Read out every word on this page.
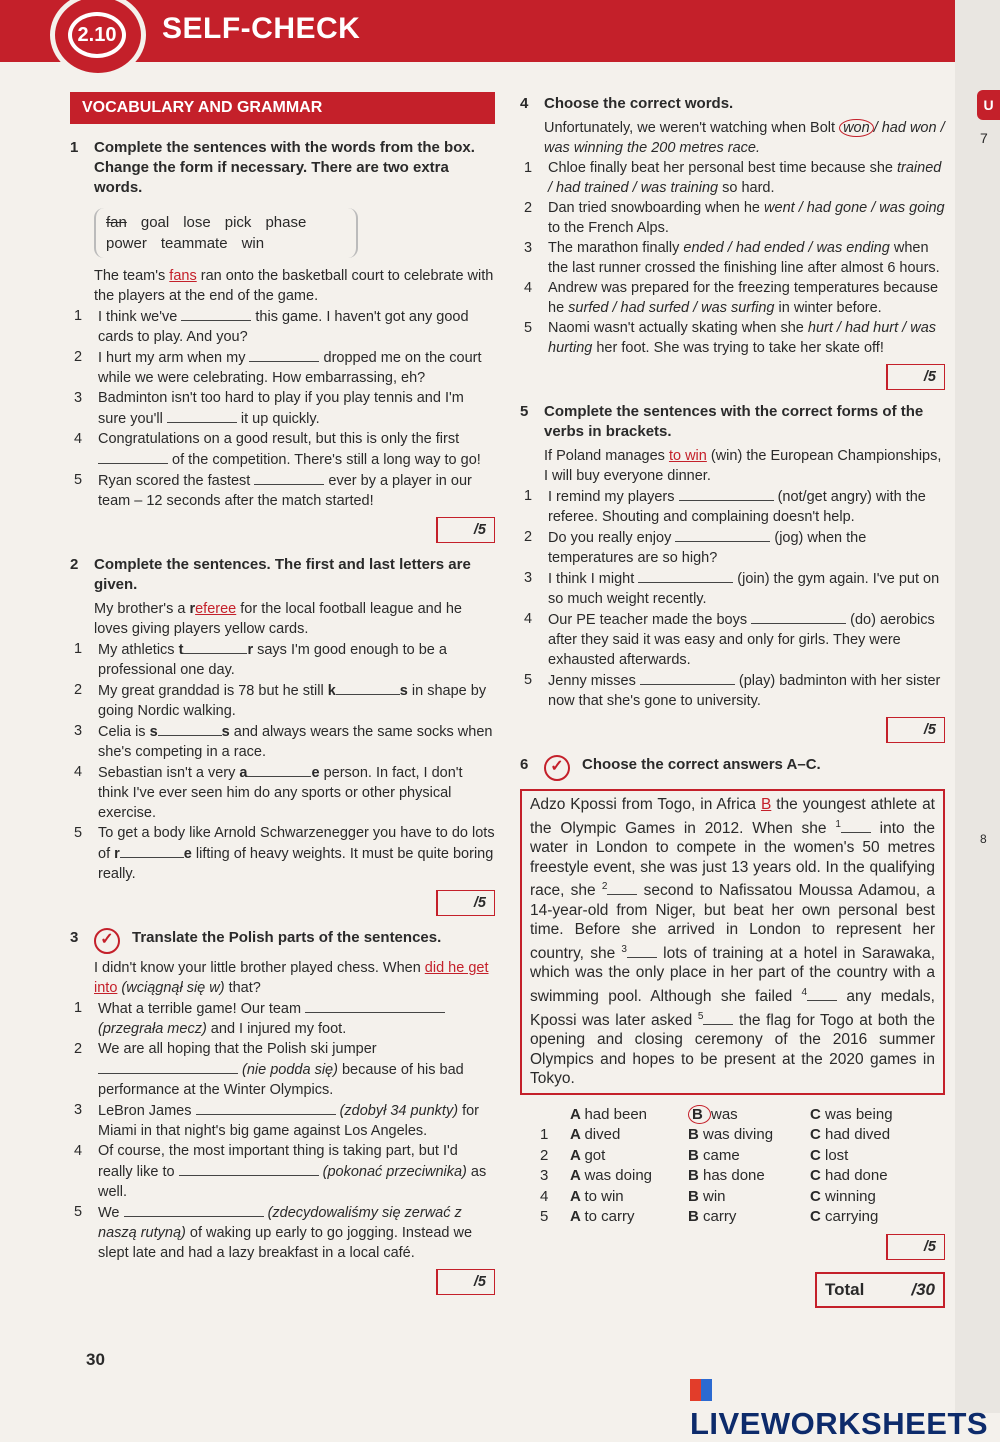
2.10 SELF-CHECK
U
7
8
VOCABULARY AND GRAMMAR
1 Complete the sentences with the words from the box. Change the form if necessary. There are two extra words.
fan goal lose pick phase
power teammate win
The team's fans ran onto the basketball court to celebrate with the players at the end of the game.
1	I think we've	this game. I haven't got any good cards to play. And you?
2	I hurt my arm when my	dropped me on the court while we were celebrating. How embarrassing, eh?
3	Badminton isn't too hard to play if you play tennis and I'm sure you'll	it up quickly.
4	Congratulations on a good result, but this is only the first  of the competition. There's still a long way to go!
5	Ryan scored the fastest	ever by a player in our team – 12 seconds after the match started!
/5
2 Complete the sentences. The first and last letters are given.
My brother's a referee for the local football league and he loves giving players yellow cards.
1	My athletics t	r says I'm good enough to be a professional one day.
2	My great granddad is 78 but he still k	s in shape by going Nordic walking.
3	Celia is s	s and always wears the same socks when she's competing in a race.
4	Sebastian isn't a very a	e person. In fact, I don't think I've ever seen him do any sports or other physical exercise.
5	To get a body like Arnold Schwarzenegger you have to do lots of r	e lifting of heavy weights. It must be quite boring really.
/5
3	✓	Translate the Polish parts of the sentences.
I didn't know your little brother played chess. When did he get into (wciągnął się w) that?
1	What a terrible game! Our team  (przegrała mecz) and I injured my foot.
2	We are all hoping that the Polish ski jumper  (nie podda się) because of his bad performance at the Winter Olympics.
3	LeBron James	(zdobył 34 punkty) for Miami in that night's big game against Los Angeles.
4	Of course, the most important thing is taking part, but I'd really like to	(pokonać przeciwnika) as well.
5	We	(zdecydowaliśmy się zerwać z naszą rutyną) of waking up early to go jogging. Instead we slept late and had a lazy breakfast in a local café.
/5
4 Choose the correct words.
Unfortunately, we weren't watching when Bolt won / had won / was winning the 200 metres race.
1	Chloe finally beat her personal best time because she trained / had trained / was training so hard.
2	Dan tried snowboarding when he went / had gone / was going to the French Alps.
3	The marathon finally ended / had ended / was ending when the last runner crossed the finishing line after almost 6 hours.
4	Andrew was prepared for the freezing temperatures because he surfed / had surfed / was surfing in winter before.
5	Naomi wasn't actually skating when she hurt / had hurt / was hurting her foot. She was trying to take her skate off!
/5
5 Complete the sentences with the correct forms of the verbs in brackets.
If Poland manages to win (win) the European Championships, I will buy everyone dinner.
1	I remind my players	(not/get angry) with the referee. Shouting and complaining doesn't help.
2	Do you really enjoy	(jog) when the temperatures are so high?
3	I think I might	(join) the gym again. I've put on so much weight recently.
4	Our PE teacher made the boys	(do) aerobics after they said it was easy and only for girls. They were exhausted afterwards.
5	Jenny misses	(play) badminton with her sister now that she's gone to university.
/5
6	✓	Choose the correct answers A–C.
Adzo Kpossi from Togo, in Africa B the youngest athlete at the Olympic Games in 2012. When she $^1$ into the water in London to compete in the women's 50 metres freestyle event, she was just 13 years old. In the qualifying race, she $^2$ second to Nafissatou Moussa Adamou, a 14-year-old from Niger, but beat her own personal best time. Before she arrived in London to represent her country, she $^3$ lots of training at a hotel in Sarawaka, which was the only place in her part of the country with a swimming pool. Although she failed $^4$ any medals, Kpossi was later asked $^5$ the flag for Togo at both the opening and closing ceremony of the 2016 summer Olympics and hopes to be present at the 2020 games in Tokyo.
A had been	B was	C was being
1	A dived	B was diving	C had dived
2	A got	B came	C lost
3	A was doing	B has done	C had done
4	A to win	B win	C winning
5	A to carry	B carry	C carrying
/5
Total	/30
30
LIVEWORKSHEETS
